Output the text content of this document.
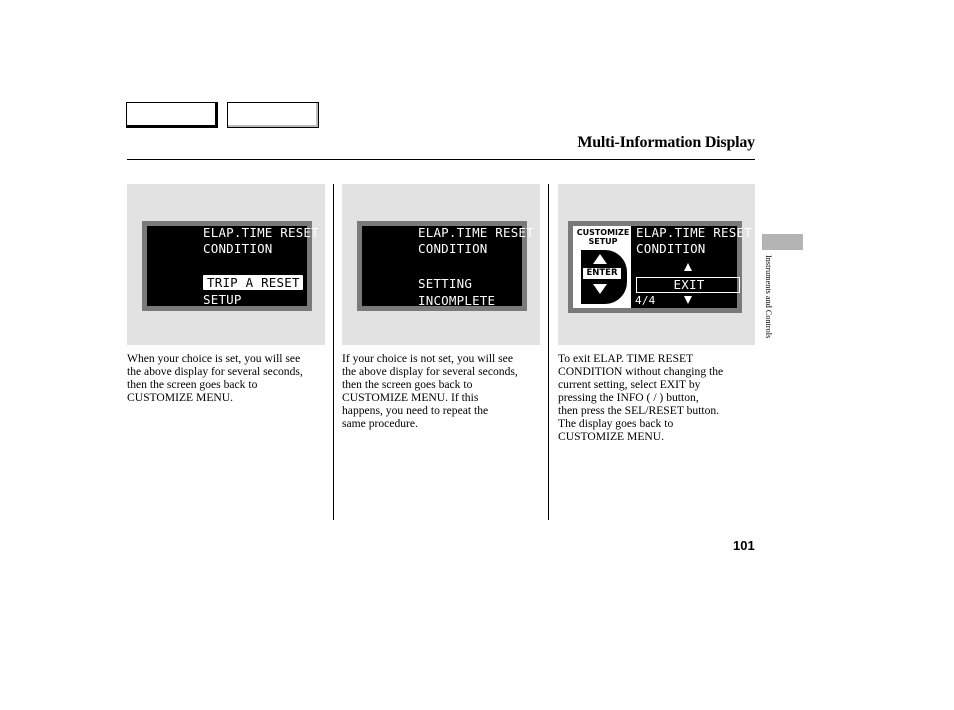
Multi-Information Display
Instruments and Controls
ELAP.TIME RESET
CONDITION
TRIP A RESET
SETUP
ELAP.TIME RESET
CONDITION
SETTING
INCOMPLETE
CUSTOMIZE
SETUP
ENTER
ELAP.TIME RESET
CONDITION
EXIT
4/4
When your choice is set, you will see
the above display for several seconds,
then the screen goes back to
CUSTOMIZE MENU.
If your choice is not set, you will see
the above display for several seconds,
then the screen goes back to
CUSTOMIZE MENU. If this
happens, you need to repeat the
same procedure.
To exit ELAP. TIME RESET
CONDITION without changing the
current setting, select EXIT by
pressing the INFO ( / ) button,
then press the SEL/RESET button.
The display goes back to
CUSTOMIZE MENU.
101
